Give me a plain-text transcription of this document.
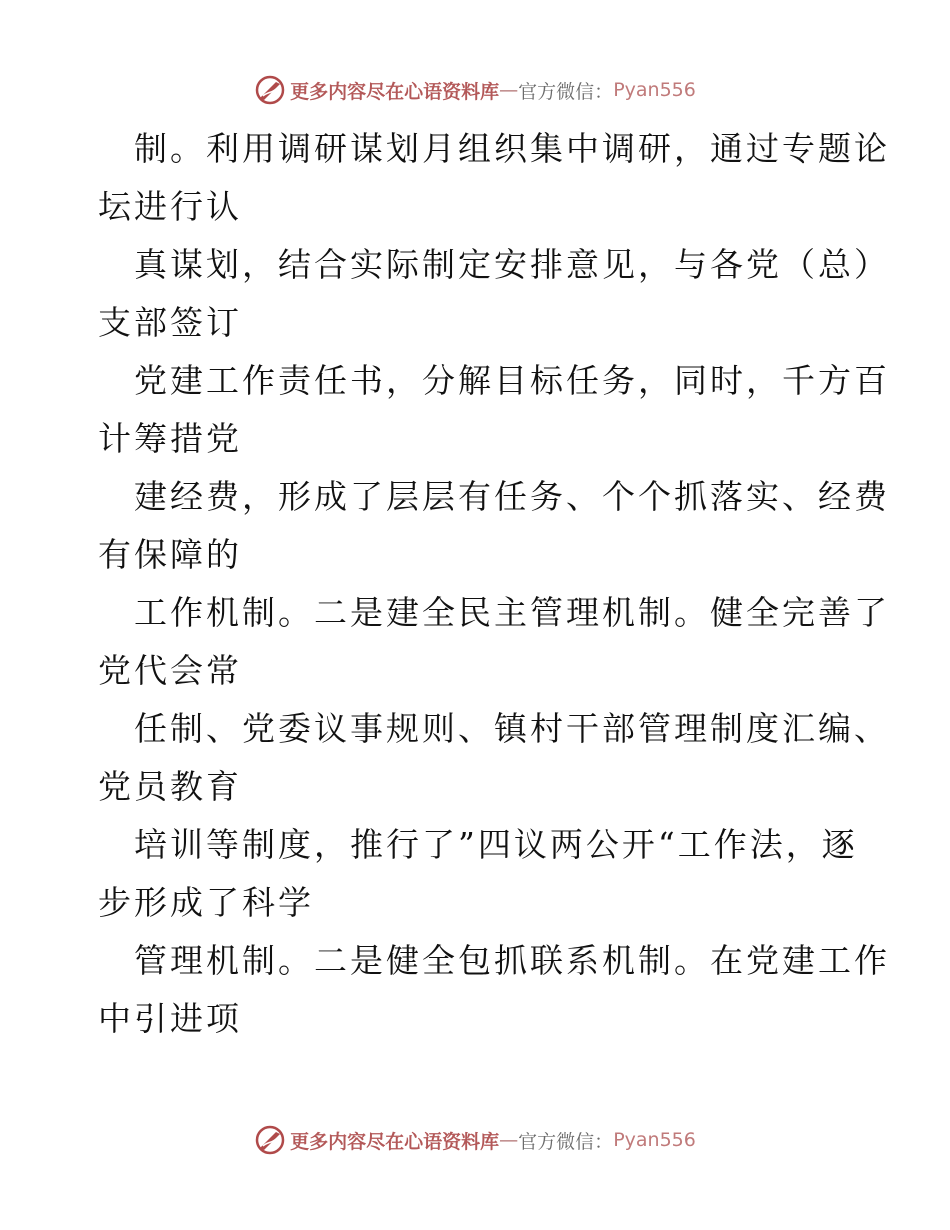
更多内容尽在心语资料库 — 官方微信： Pyan556
制。利用调研谋划月组织集中调研，通过专题论
坛进行认
真谋划，结合实际制定安排意见，与各党（总）
支部签订
党建工作责任书，分解目标任务，同时，千方百
计筹措党
建经费，形成了层层有任务、个个抓落实、经费
有保障的
工作机制。二是建全民主管理机制。健全完善了
党代会常
任制、党委议事规则、镇村干部管理制度汇编、
党员教育
培训等制度，推行了”四议两公开“工作法，逐
步形成了科学
管理机制。二是健全包抓联系机制。在党建工作
中引进项
更多内容尽在心语资料库 — 官方微信： Pyan556
